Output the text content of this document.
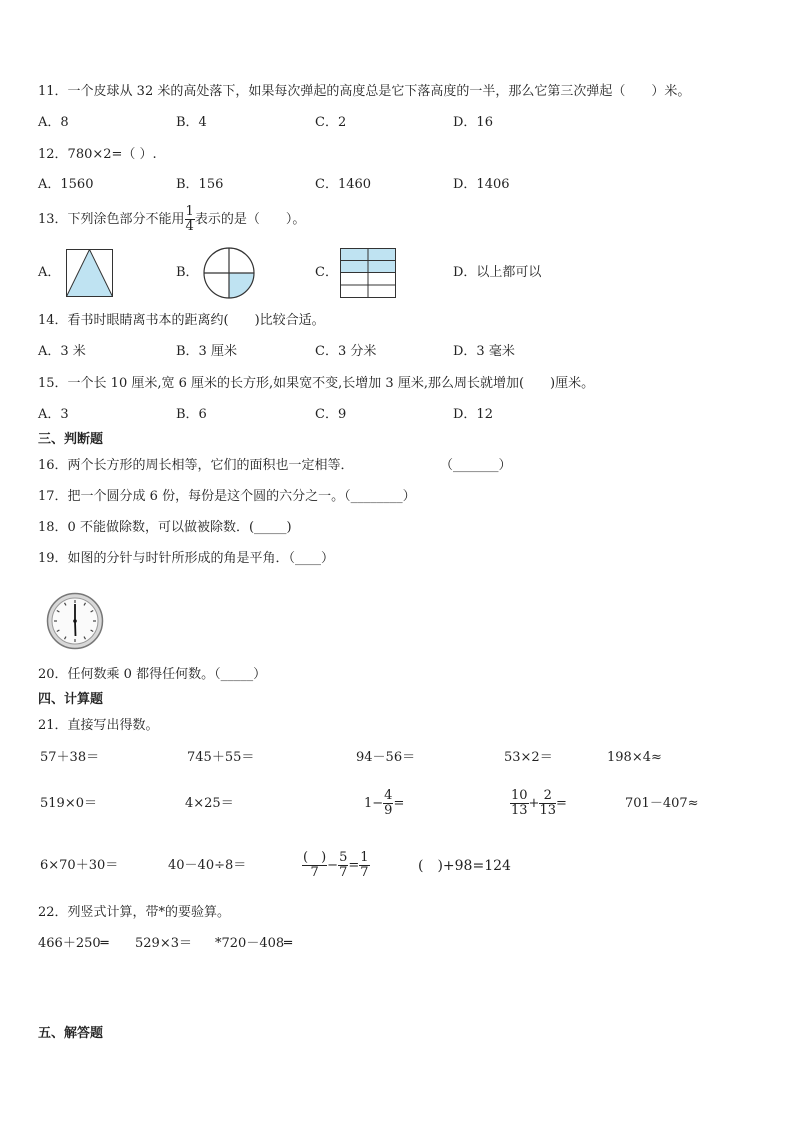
11．一个皮球从 32 米的高处落下，如果每次弹起的高度总是它下落高度的一半，那么它第三次弹起（　　）米。
A．8	B．4	C．2	D．16
12．780×2=（ ）.
A．1560	B．156	C．1460	D．1406
13．下列涂色部分不能用 $\frac{1}{4}$ 表示的是（　　）。
A．	B．	C．	D．以上都可以
14．看书时眼睛离书本的距离约(　　)比较合适。
A．3 米	B．3 厘米	C．3 分米	D．3 毫米
15．一个长 10 厘米,宽 6 厘米的长方形,如果宽不变,长增加 3 厘米,那么周长就增加(　　)厘米。
A．3	B．6	C．9	D．12
三、判断题
16．两个长方形的周长相等，它们的面积也一定相等．	（_______）
17．把一个圆分成 6 份，每份是这个圆的六分之一。（________）
18．0 不能做除数，可以做被除数．(_____)
19．如图的分针与时针所形成的角是平角．（____）
20．任何数乘 0 都得任何数。（_____）
四、计算题
21．直接写出得数。
57＋38＝	745＋55＝	94－56＝	53×2＝	198×4≈
519×0＝	4×25＝	$1- \frac{4}{9}$ =	$\frac{10}{13} + \frac{2}{13}$ =	701－407≈
6×70＋30＝	40－40÷8＝	$\frac{( )}{7} - \frac{5}{7} = \frac{1}{7}$	(　)+98=124
22．列竖式计算，带*的要验算。
466＋250═ 529×3＝ *720－408═
五、解答题
